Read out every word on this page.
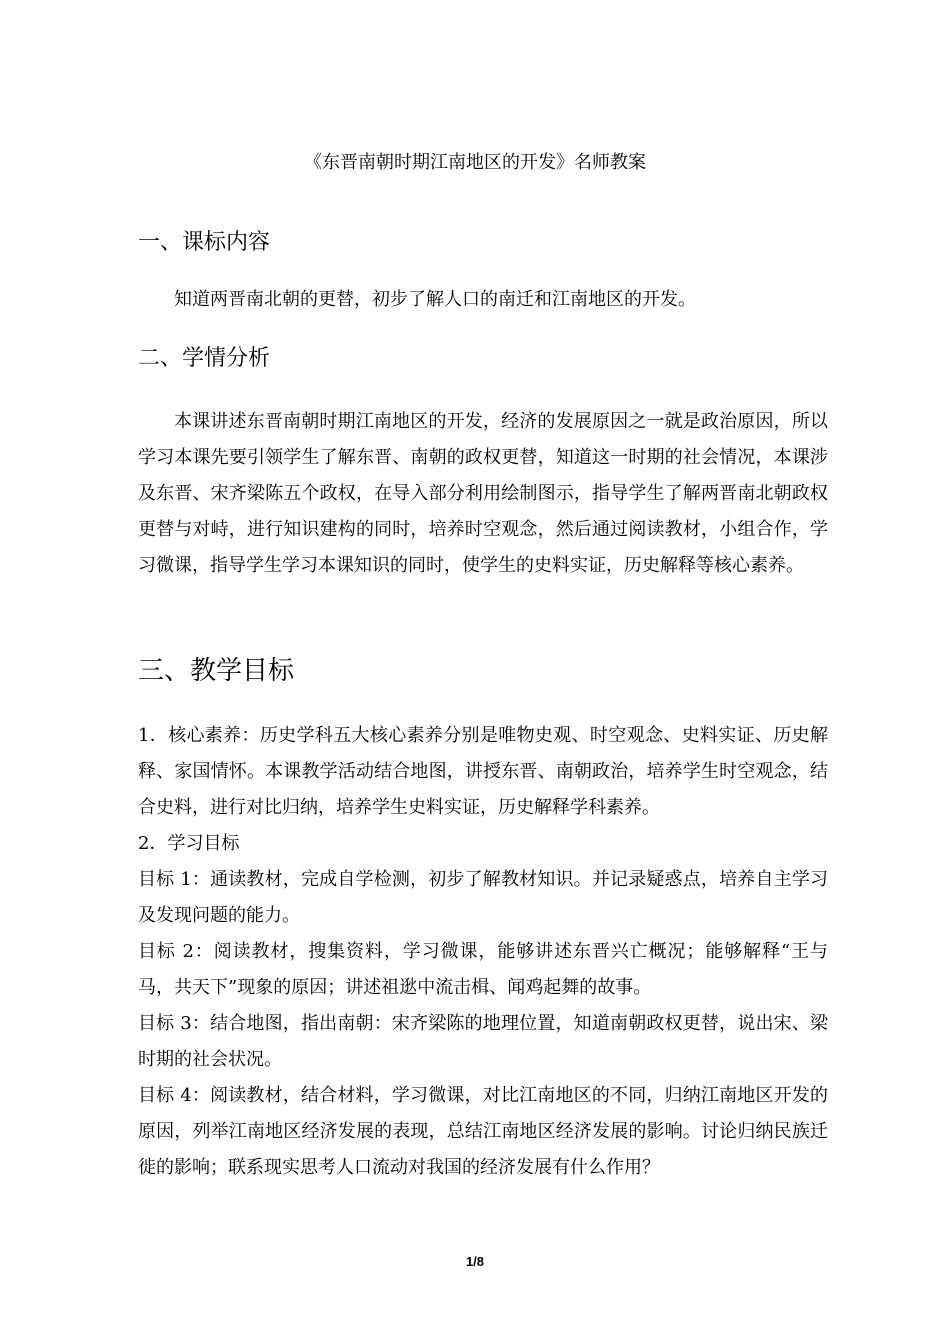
《东晋南朝时期江南地区的开发》名师教案
一、课标内容
知道两晋南北朝的更替，初步了解人口的南迁和江南地区的开发。
二、学情分析
本课讲述东晋南朝时期江南地区的开发，经济的发展原因之一就是政治原因，所以学习本课先要引领学生了解东晋、南朝的政权更替，知道这一时期的社会情况，本课涉及东晋、宋齐梁陈五个政权，在导入部分利用绘制图示，指导学生了解两晋南北朝政权更替与对峙，进行知识建构的同时，培养时空观念，然后通过阅读教材，小组合作，学习微课，指导学生学习本课知识的同时，使学生的史料实证，历史解释等核心素养。
三、教学目标
1．核心素养：历史学科五大核心素养分别是唯物史观、时空观念、史料实证、历史解释、家国情怀。本课教学活动结合地图，讲授东晋、南朝政治，培养学生时空观念，结合史料，进行对比归纳，培养学生史料实证，历史解释学科素养。
2．学习目标
目标 1：通读教材，完成自学检测，初步了解教材知识。并记录疑惑点，培养自主学习及发现问题的能力。
目标 2：阅读教材，搜集资料，学习微课，能够讲述东晋兴亡概况；能够解释“王与马，共天下”现象的原因；讲述祖逖中流击楫、闻鸡起舞的故事。
目标 3：结合地图，指出南朝：宋齐梁陈的地理位置，知道南朝政权更替，说出宋、梁时期的社会状况。
目标 4：阅读教材，结合材料，学习微课，对比江南地区的不同，归纳江南地区开发的原因，列举江南地区经济发展的表现，总结江南地区经济发展的影响。讨论归纳民族迁徙的影响；联系现实思考人口流动对我国的经济发展有什么作用？
1/8
